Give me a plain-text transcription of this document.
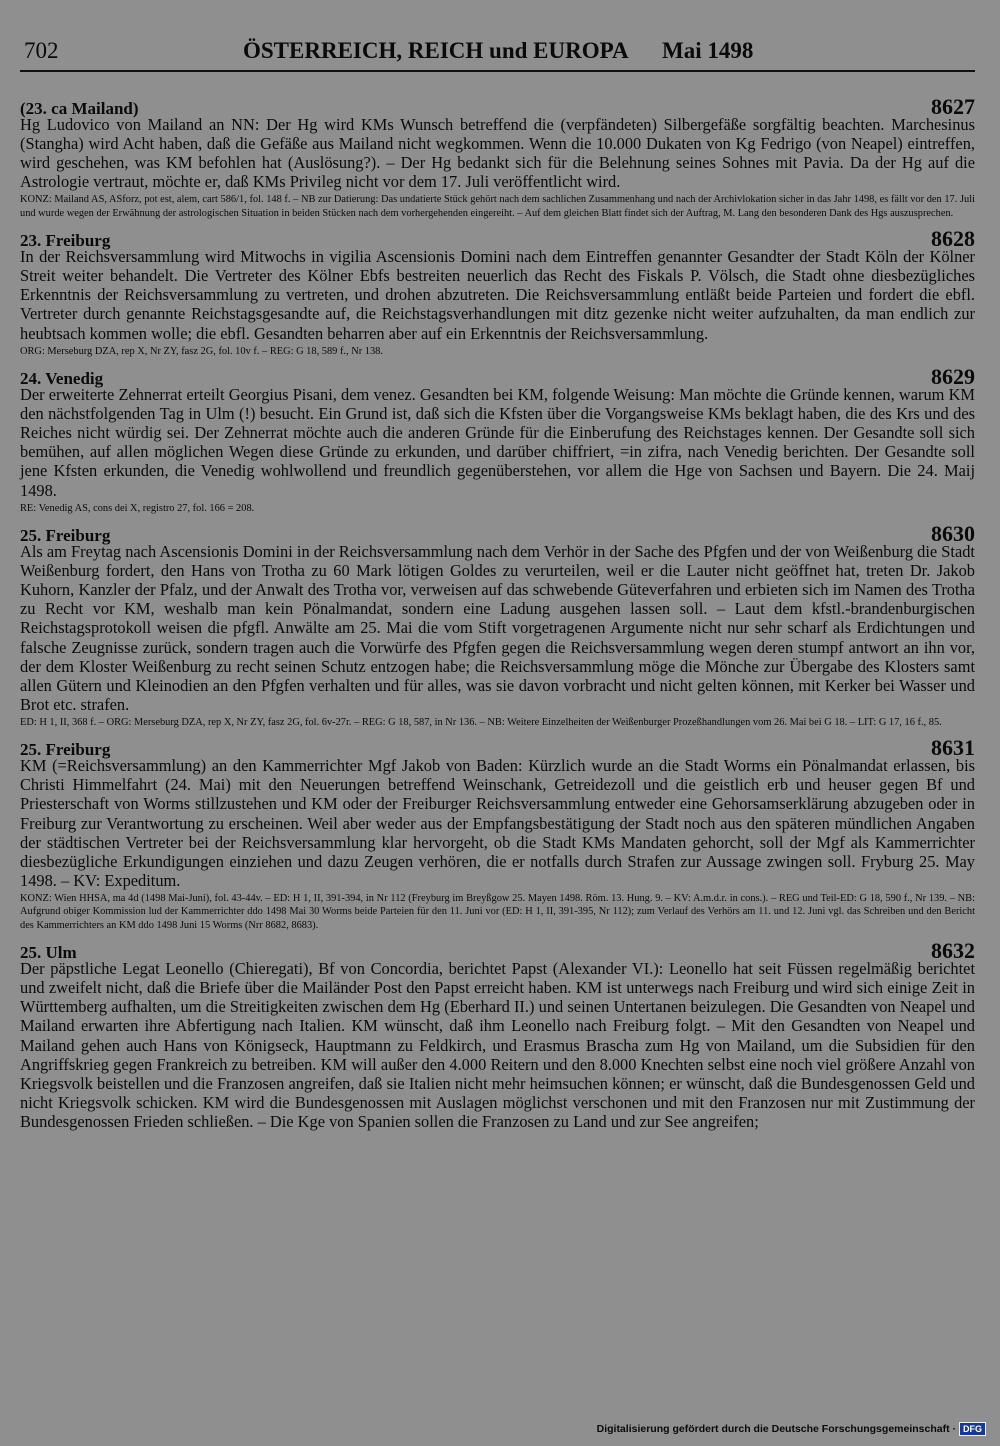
702	ÖSTERREICH, REICH und EUROPA Mai 1498
(23. ca Mailand)	8627

Hg Ludovico von Mailand an NN: Der Hg wird KMs Wunsch betreffend die (verpfändeten) Silbergefäße sorgfältig beachten. Marchesinus (Stangha) wird Acht haben, daß die Gefäße aus Mailand nicht wegkommen. Wenn die 10.000 Dukaten von Kg Fedrigo (von Neapel) eintreffen, wird geschehen, was KM befohlen hat (Auslösung?). – Der Hg bedankt sich für die Belehnung seines Sohnes mit Pavia. Da der Hg auf die Astrologie vertraut, möchte er, daß KMs Privileg nicht vor dem 17. Juli veröffentlicht wird.

KONZ: Mailand AS, ASforz, pot est, alem, cart 586/1, fol. 148 f. – NB zur Datierung: Das undatierte Stück gehört nach dem sachlichen Zusammenhang und nach der Archivlokation sicher in das Jahr 1498, es fällt vor den 17. Juli und wurde wegen der Erwähnung der astrologischen Situation in beiden Stücken nach dem vorhergehenden eingereiht. – Auf dem gleichen Blatt findet sich der Auftrag, M. Lang den besonderen Dank des Hgs auszusprechen.

23. Freiburg	8628

In der Reichsversammlung wird Mitwochs in vigilia Ascensionis Domini nach dem Eintreffen genannter Gesandter der Stadt Köln der Kölner Streit weiter behandelt. Die Vertreter des Kölner Ebfs bestreiten neuerlich das Recht des Fiskals P. Völsch, die Stadt ohne diesbezügliches Erkenntnis der Reichsversammlung zu vertreten, und drohen abzutreten. Die Reichsversammlung entläßt beide Parteien und fordert die ebfl. Vertreter durch genannte Reichstagsgesandte auf, die Reichstagsverhandlungen mit ditz gezenke nicht weiter aufzuhalten, da man endlich zur heubtsach kommen wolle; die ebfl. Gesandten beharren aber auf ein Erkenntnis der Reichsversammlung.

ORG: Merseburg DZA, rep X, Nr ZY, fasz 2G, fol. 10v f. – REG: G 18, 589 f., Nr 138.

24. Venedig	8629

Der erweiterte Zehnerrat erteilt Georgius Pisani, dem venez. Gesandten bei KM, folgende Weisung: Man möchte die Gründe kennen, warum KM den nächstfolgenden Tag in Ulm (!) besucht. Ein Grund ist, daß sich die Kfsten über die Vorgangsweise KMs beklagt haben, die des Krs und des Reiches nicht würdig sei. Der Zehnerrat möchte auch die anderen Gründe für die Einberufung des Reichstages kennen. Der Gesandte soll sich bemühen, auf allen möglichen Wegen diese Gründe zu erkunden, und darüber chiffriert, =in zifra, nach Venedig berichten. Der Gesandte soll jene Kfsten erkunden, die Venedig wohlwollend und freundlich gegenüberstehen, vor allem die Hge von Sachsen und Bayern. Die 24. Maij 1498.

RE: Venedig AS, cons dei X, registro 27, fol. 166 = 208.

25. Freiburg	8630

Als am Freytag nach Ascensionis Domini in der Reichsversammlung nach dem Verhör in der Sache des Pfgfen und der von Weißenburg die Stadt Weißenburg fordert, den Hans von Trotha zu 60 Mark lötigen Goldes zu verurteilen, weil er die Lauter nicht geöffnet hat, treten Dr. Jakob Kuhorn, Kanzler der Pfalz, und der Anwalt des Trotha vor, verweisen auf das schwebende Güteverfahren und erbieten sich im Namen des Trotha zu Recht vor KM, weshalb man kein Pönalmandat, sondern eine Ladung ausgehen lassen soll. – Laut dem kfstl.-brandenburgischen Reichstagsprotokoll weisen die pfgfl. Anwälte am 25. Mai die vom Stift vorgetragenen Argumente nicht nur sehr scharf als Erdichtungen und falsche Zeugnisse zurück, sondern tragen auch die Vorwürfe des Pfgfen gegen die Reichsversammlung wegen deren stumpf antwort an ihn vor, der dem Kloster Weißenburg zu recht seinen Schutz entzogen habe; die Reichsversammlung möge die Mönche zur Übergabe des Klosters samt allen Gütern und Kleinodien an den Pfgfen verhalten und für alles, was sie davon vorbracht und nicht gelten können, mit Kerker bei Wasser und Brot etc. strafen.

ED: H 1, II, 368 f. – ORG: Merseburg DZA, rep X, Nr ZY, fasz 2G, fol. 6v-27r. – REG: G 18, 587, in Nr 136. – NB: Weitere Einzelheiten der Weißenburger Prozeßhandlungen vom 26. Mai bei G 18. – LIT: G 17, 16 f., 85.

25. Freiburg	8631

KM (=Reichsversammlung) an den Kammerrichter Mgf Jakob von Baden: Kürzlich wurde an die Stadt Worms ein Pönalmandat erlassen, bis Christi Himmelfahrt (24. Mai) mit den Neuerungen betreffend Weinschank, Getreidezoll und die geistlich erb und heuser gegen Bf und Priesterschaft von Worms stillzustehen und KM oder der Freiburger Reichsversammlung entweder eine Gehorsamserklärung abzugeben oder in Freiburg zur Verantwortung zu erscheinen. Weil aber weder aus der Empfangsbestätigung der Stadt noch aus den späteren mündlichen Angaben der städtischen Vertreter bei der Reichsversammlung klar hervorgeht, ob die Stadt KMs Mandaten gehorcht, soll der Mgf als Kammerrichter diesbezügliche Erkundigungen einziehen und dazu Zeugen verhören, die er notfalls durch Strafen zur Aussage zwingen soll. Fryburg 25. May 1498. – KV: Expeditum.

KONZ: Wien HHSA, ma 4d (1498 Mai-Juni), fol. 43-44v. – ED: H 1, II, 391-394, in Nr 112 (Freyburg im Breyßgow 25. Mayen 1498. Röm. 13. Hung. 9. – KV: A.m.d.r. in cons.). – REG und Teil-ED: G 18, 590 f., Nr 139. – NB: Aufgrund obiger Kommission lud der Kammerrichter ddo 1498 Mai 30 Worms beide Parteien für den 11. Juni vor (ED: H 1, II, 391-395, Nr 112); zum Verlauf des Verhörs am 11. und 12. Juni vgl. das Schreiben und den Bericht des Kammerrichters an KM ddo 1498 Juni 15 Worms (Nrr 8682, 8683).

25. Ulm	8632

Der päpstliche Legat Leonello (Chieregati), Bf von Concordia, berichtet Papst (Alexander VI.): Leonello hat seit Füssen regelmäßig berichtet und zweifelt nicht, daß die Briefe über die Mailänder Post den Papst erreicht haben. KM ist unterwegs nach Freiburg und wird sich einige Zeit in Württemberg aufhalten, um die Streitigkeiten zwischen dem Hg (Eberhard II.) und seinen Untertanen beizulegen. Die Gesandten von Neapel und Mailand erwarten ihre Abfertigung nach Italien. KM wünscht, daß ihm Leonello nach Freiburg folgt. – Mit den Gesandten von Neapel und Mailand gehen auch Hans von Königseck, Hauptmann zu Feldkirch, und Erasmus Brascha zum Hg von Mailand, um die Subsidien für den Angriffskrieg gegen Frankreich zu betreiben. KM will außer den 4.000 Reitern und den 8.000 Knechten selbst eine noch viel größere Anzahl von Kriegsvolk beistellen und die Franzosen angreifen, daß sie Italien nicht mehr heimsuchen können; er wünscht, daß die Bundesgenossen Geld und nicht Kriegsvolk schicken. KM wird die Bundesgenossen mit Auslagen möglichst verschonen und mit den Franzosen nur mit Zustimmung der Bundesgenossen Frieden schließen. – Die Kge von Spanien sollen die Franzosen zu Land und zur See angreifen;

Digitalisierung gefördert durch die Deutsche Forschungsgemeinschaft · DFG
